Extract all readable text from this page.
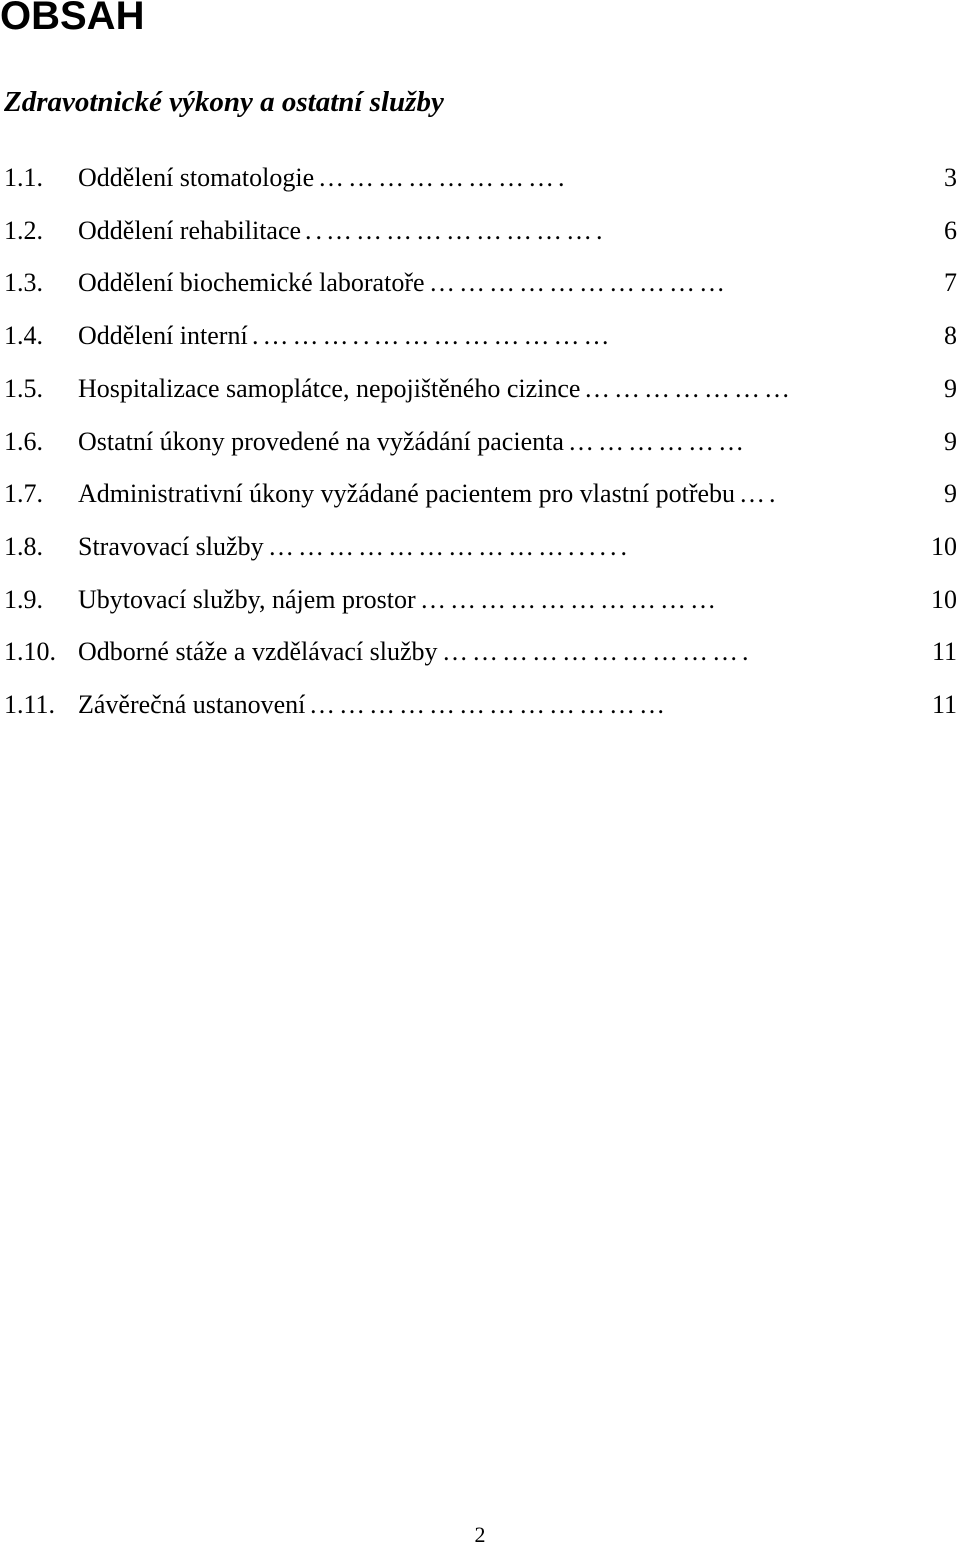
OBSAH
Zdravotnické výkony a ostatní služby
1.1. Oddělení stomatologie …………………….	3
1.2. Oddělení rehabilitace ..……………………….	6
1.3. Oddělení biochemické laboratoře …………………………	7
1.4. Oddělení interní .………..……………………	8
1.5. Hospitalizace samoplátce, nepojištěného cizince …………………	9
1.6. Ostatní úkony provedené na vyžádání pacienta ………………	9
1.7. Administrativní úkony vyžádané pacientem pro vlastní potřebu ….	9
1.8. Stravovací služby …………………………......	10
1.9. Ubytovací služby, nájem prostor …………………………	10
1.10. Odborné stáže a vzdělávací služby ………………………….	11
1.11. Závěrečná ustanovení ………………………………	11
2
